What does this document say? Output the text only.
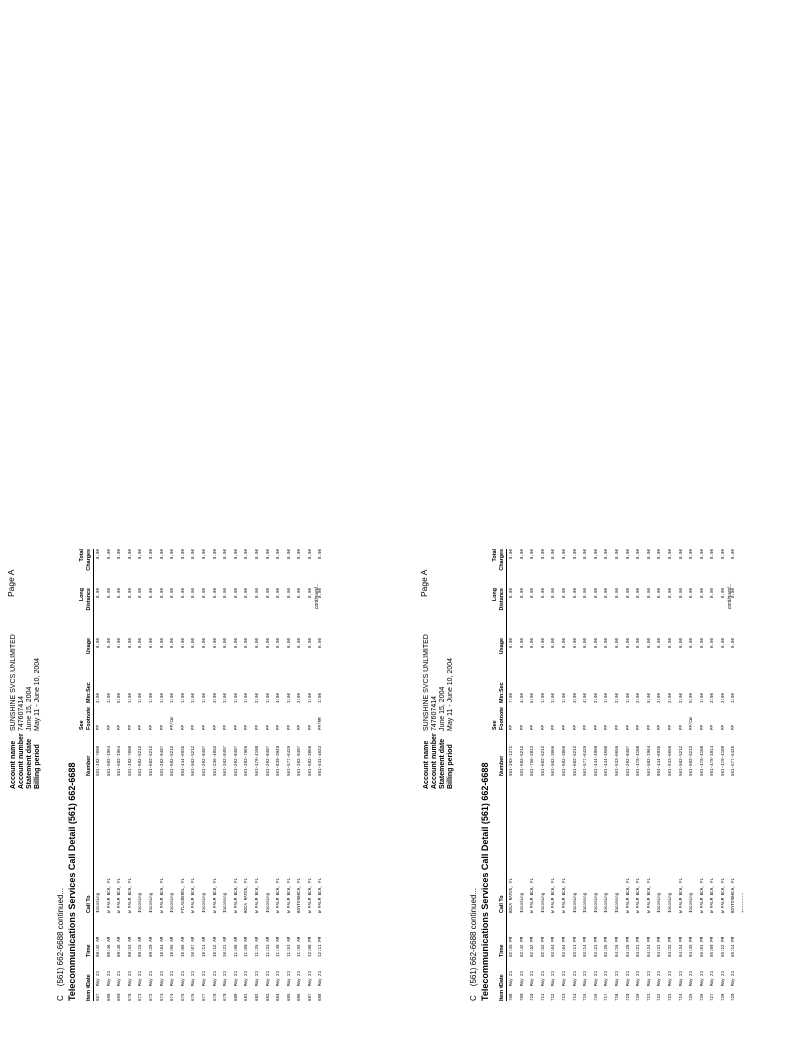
Page A
Account name
SUNSHINE SVCS UNLIMITED
Account number
747607414
Statement date
June 15, 2004
Billing period
May 11 - June 10, 2004
C(561) 662-6688 continued... Telecommunications Services Call Detail (561) 662-6688 Item #
Date
Time
Call To
Number
See Footnote
Min:Sec
Usage
Long Distance
Total Charges
667
May 21
08:42 AM
Incoming
561-392-7000
PP
2:00
0.00
0.00
0.00
668
May 21
08:46 AM
W PALM BCH, FL
561-582-1964
PP
1:00
0.00
0.00
0.00
669
May 21
08:46 AM
W PALM BCH, FL
561-582-1964
PP
6:00
0.00
0.00
0.00
670
May 21
08:53 AM
W PALM BCH, FL
561-392-7000
PP
1:00
0.00
0.00
0.00
671
May 21
09:15 AM
Incoming
561-502-5212
PP
1:00
0.00
0.00
0.00
672
May 21
09:29 AM
Incoming
561-502-5212
PP
1:00
0.00
0.00
0.00
673
May 21
10:04 AM
W PALM BCH, FL
561-202-8497
PP
1:00
0.00
0.00
0.00
674
May 21
10:05 AM
Incoming
561-502-5212
PP/CW
1:00
0.00
0.00
0.00
675
May 21
10:06 AM
FTLAUDERDL, FL
954-444-6936
PP
1:00
0.00
0.00
0.00
676
May 21
10:07 AM
W PALM BCH, FL
561-502-5212
PP
1:00
0.00
0.00
0.00
677
May 21
10:11 AM
Incoming
561-202-8497
PP
1:00
0.00
0.00
0.00
678
May 21
10:12 AM
W PALM BCH, FL
561-236-4852
PP
3:00
0.00
0.00
0.00
679
May 21
10:21 AM
Incoming
561-202-8497
PP
1:00
0.00
0.00
0.00
680
May 21
11:08 AM
W PALM BCH, FL
561-202-8497
PP
1:00
0.00
0.00
0.00
681
May 21
11:09 AM
BOCA RATON, FL
561-393-7965
PP
1:00
0.00
0.00
0.00
682
May 21
11:25 AM
W PALM BCH, FL
561-478-4188
PP
2:00
0.00
0.00
0.00
683
May 21
11:33 AM
Incoming
561-202-8497
PP
1:00
0.00
0.00
0.00
684
May 21
11:49 AM
W PALM BCH, FL
561-839-3949
PP
4:00
0.00
0.00
0.00
685
May 21
11:53 AM
W PALM BCH, FL
561-577-6425
PP
1:00
0.00
0.00
0.00
686
May 21
11:55 AM
BOYTONBHCH, FL
561-202-8497
PP
2:00
0.00
0.00
0.00
687
May 21
12:08 PM
W PALM BCH, FL
561-502-3866
PP
1:00
0.00
0.00
0.00
688
May 21
12:11 PM
W PALM BCH, FL
561-541-4023
PP/RM
1:00
0.00
0.00
0.00
continued...	Page A
Account name
SUNSHINE SVCS UNLIMITED
Account number
747607414
Statement date
June 15, 2004
Billing period
May 11 - June 10, 2004
C(561) 662-6688 continued... Telecommunications Services Call Detail (561) 662-6688 Item #
Date
Time
Call To
Number
See Footnote
Min:Sec
Usage
Long Distance
Total Charges
708
May 21
02:35 PM
BOCA RATON, FL
561-393-1372
PP
7:00
0.00
0.00
0.00
709
May 21
02:42 PM
Incoming
561-502-5212
PP
4:00
0.00
0.00
0.00
710
May 21
02:52 PM
W PALM BCH, FL
561-756-2813
PP
6:00
0.00
0.00
0.00
711
May 21
02:52 PM
Incoming
561-502-5212
PP
1:00
0.00
0.00
0.00
712
May 21
03:04 PM
W PALM BCH, FL
561-502-3066
PP
1:00
0.00
0.00
0.00
713
May 21
03:04 PM
W PALM BCH, FL
561-502-3866
PP
1:00
0.00
0.00
0.00
714
May 21
03:11 PM
Incoming
561-502-5212
PP
3:00
0.00
0.00
0.00
715
May 21
03:14 PM
Incoming
561-577-6425
PP
4:00
0.00
0.00
0.00
716
May 21
03:21 PM
Incoming
561-444-4958
PP
2:00
0.00
0.00
0.00
717
May 21
03:26 PM
Incoming
561-444-4600
PP
1:00
0.00
0.00
0.00
718
May 21
04:16 PM
Incoming
561-533-6656
PP
2:00
0.00
0.00
0.00
719
May 21
04:20 PM
W PALM BCH, FL
561-202-8497
PP
1:00
0.00
0.00
0.00
720
May 21
04:21 PM
W PALM BCH, FL
561-478-4188
PP
2:00
0.00
0.00
0.00
721
May 21
04:24 PM
W PALM BCH, FL
561-582-1964
PP
5:00
0.00
0.00
0.00
722
May 21
04:31 PM
Incoming
954-444-6936
PP
2:00
0.00
0.00
0.00
723
May 21
04:32 PM
Incoming
561-533-6656
PP
2:00
0.00
0.00
0.00
724
May 21
04:34 PM
W PALM BCH, FL
561-502-5212
PP
2:00
0.00
0.00
0.00
725
May 21
04:35 PM
Incoming
561-502-5212
PP/CW
5:00
0.00
0.00
0.00
726
May 21
05:01 PM
W PALM BCH, FL
561-478-4188
PP
1:00
0.00
0.00
0.00
727
May 21
05:09 PM
W PALM BCH, FL
561-478-1814
PP
2:00
0.00
0.00
0.00
728
May 21
05:12 PM
W PALM BCH, FL
561-478-4188
PP
2:00
0.00
0.00
0.00
729
May 21
05:14 PM
BOYTONBHCH, FL
561-577-6425
PP
1:00
0.00
0.00
0.00
continued...
